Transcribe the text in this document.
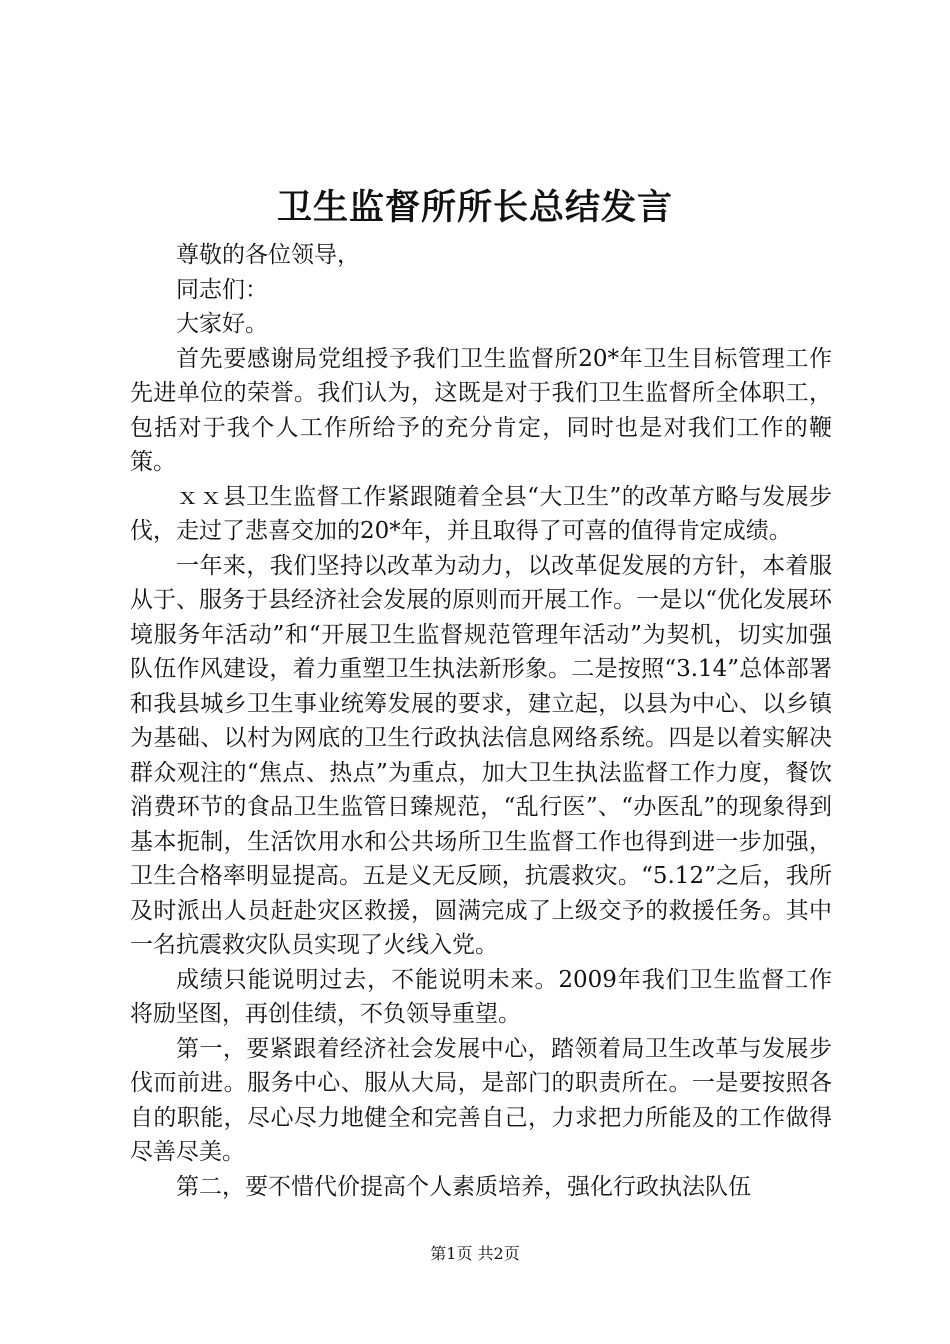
卫生监督所所长总结发言

尊敬的各位领导，

同志们：

大家好。

首先要感谢局党组授予我们卫生监督所20*年卫生目标管理工作先进单位的荣誉。我们认为，这既是对于我们卫生监督所全体职工，包括对于我个人工作所给予的充分肯定，同时也是对我们工作的鞭策。

ｘｘ县卫生监督工作紧跟随着全县“大卫生”的改革方略与发展步伐，走过了悲喜交加的20*年，并且取得了可喜的值得肯定成绩。

一年来，我们坚持以改革为动力，以改革促发展的方针，本着服从于、服务于县经济社会发展的原则而开展工作。一是以“优化发展环境服务年活动”和“开展卫生监督规范管理年活动”为契机，切实加强队伍作风建设，着力重塑卫生执法新形象。二是按照“3.14”总体部署和我县城乡卫生事业统筹发展的要求，建立起，以县为中心、以乡镇为基础、以村为网底的卫生行政执法信息网络系统。四是以着实解决群众观注的“焦点、热点”为重点，加大卫生执法监督工作力度，餐饮消费环节的食品卫生监管日臻规范，“乱行医”、“办医乱”的现象得到基本扼制，生活饮用水和公共场所卫生监督工作也得到进一步加强，卫生合格率明显提高。五是义无反顾，抗震救灾。“5.12”之后，我所及时派出人员赶赴灾区救援，圆满完成了上级交予的救援任务。其中一名抗震救灾队员实现了火线入党。

成绩只能说明过去，不能说明未来。2009年我们卫生监督工作将励坚图，再创佳绩，不负领导重望。

第一，要紧跟着经济社会发展中心，踏领着局卫生改革与发展步伐而前进。服务中心、服从大局，是部门的职责所在。一是要按照各自的职能，尽心尽力地健全和完善自己，力求把力所能及的工作做得尽善尽美。

第二，要不惜代价提高个人素质培养，强化行政执法队伍

第1页 共2页
